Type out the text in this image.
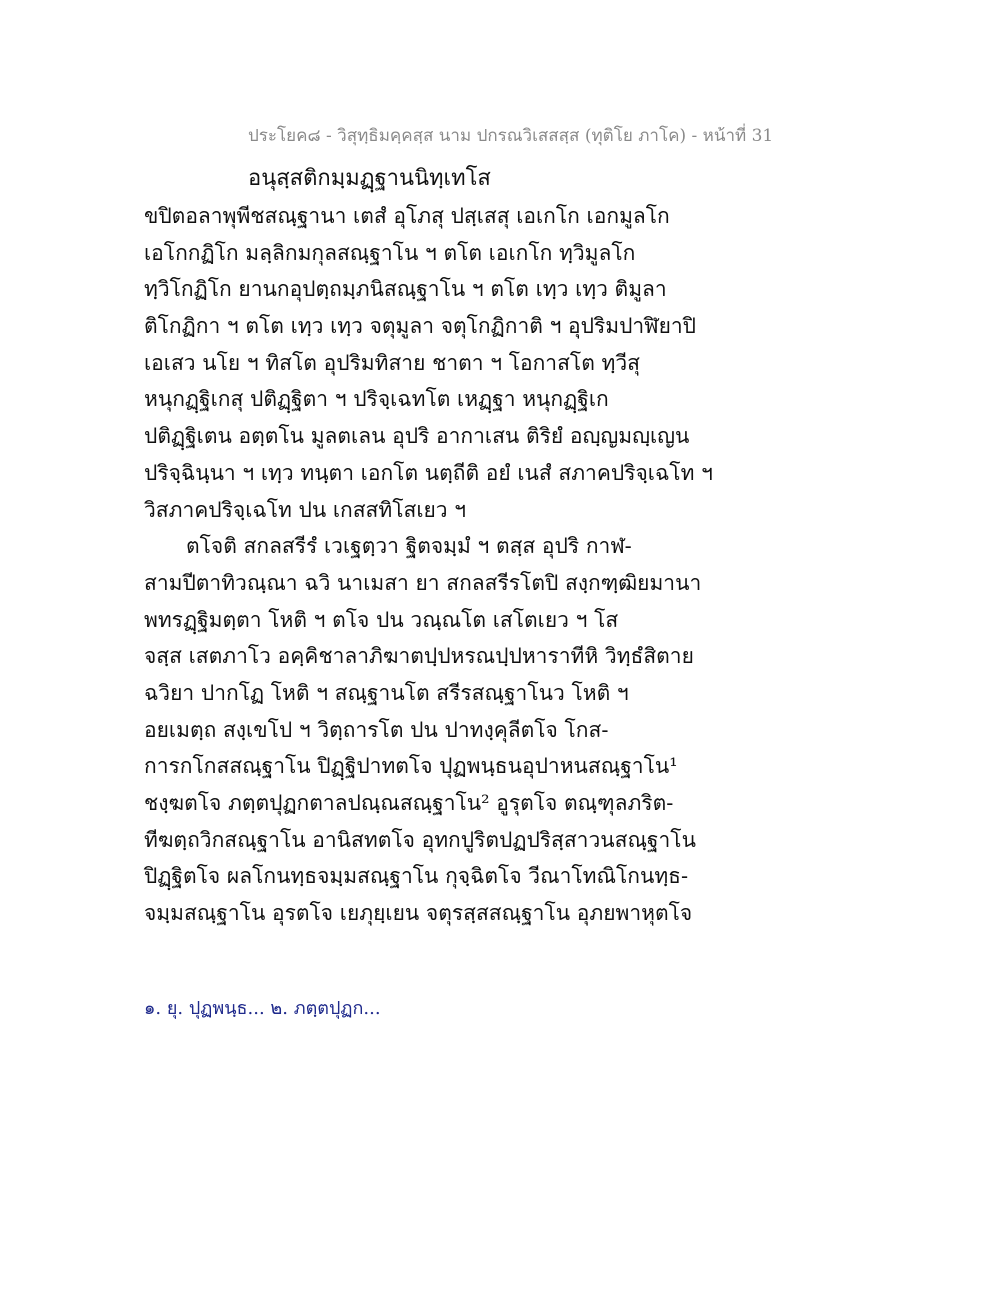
ประโยค๘ - วิสุทฺธิมคฺคสฺส นาม ปกรณวิเสสสฺส (ทุติโย ภาโค) - หน้าที่ 31
อนุสฺสติกมฺมฏฺฐานนิทฺเทโส
ขปิตอลาพุพีชสณฺฐานา เตสํ อุโภสุ ปสฺเสสุ เอเกโก เอกมูลโก
เอโกกฏิโก มลฺลิกมกุลสณฺฐาโน ฯ ตโต เอเกโก ทฺวิมูลโก
ทฺวิโกฏิโก ยานกอุปตฺถมฺภนิสณฺฐาโน ฯ ตโต เทฺว เทฺว ติมูลา
ติโกฏิกา ฯ ตโต เทฺว เทฺว จตุมูลา จตุโกฏิกาติ ฯ อุปริมปาฬิยาปิ
เอเสว นโย ฯ ทิสโต อุปริมทิสาย ชาตา ฯ โอกาสโต ทฺวีสุ
หนุกฏฺฐิเกสุ ปติฏฺฐิตา ฯ ปริจฺเฉทโต เหฏฺฐา หนุกฏฺฐิเก
ปติฏฺฐิเตน อตฺตโน มูลตเลน อุปริ อากาเสน ติริยํ อญฺญมญฺเญน
ปริจฺฉินฺนา ฯ เทฺว ทนฺตา เอกโต นตฺถีติ อยํ เนสํ สภาคปริจฺเฉโท ฯ
วิสภาคปริจฺเฉโท ปน เกสสทิโสเยว ฯ
ตโจติ สกลสรีรํ เวเฐตฺวา ฐิตจมฺมํ ฯ ตสฺส อุปริ กาฬ-
สามปีตาทิวณฺณา ฉวิ นาเมสา ยา สกลสรีรโตปิ สงฺกฑฺฒิยมานา
พทรฏฺฐิมตฺตา โหติ ฯ ตโจ ปน วณฺณโต เสโตเยว ฯ โส
จสฺส เสตภาโว อคฺคิชาลาภิฆาตปฺปหรณปฺปหาราทีหิ วิทฺธํสิตาย
ฉวิยา ปากโฏ โหติ ฯ สณฺฐานโต สรีรสณฺฐาโนว โหติ ฯ
อยเมตฺถ สงฺเขโป ฯ วิตฺถารโต ปน ปาทงฺคุลีตโจ โกส-
การกโกสสณฺฐาโน ปิฏฺฐิปาทตโจ ปุฏพนฺธนอุปาหนสณฺฐาโน¹
ชงฺฆตโจ ภตฺตปุฏกตาลปณฺณสณฺฐาโน² อูรุตโจ ตณฺฑุลภริต-
ทีฆตฺถวิกสณฺฐาโน อานิสทตโจ อุทกปูริตปฏปริสฺสาวนสณฺฐาโน
ปิฏฺฐิตโจ ผลโกนทฺธจมฺมสณฺฐาโน กุจฺฉิตโจ วีณาโทณิโกนทฺธ-
จมฺมสณฺฐาโน อุรตโจ เยภุยฺเยน จตุรสฺสสณฺฐาโน อุภยพาหุตโจ
๑. ยุ. ปุฏพนฺธ... ๒. ภตฺตปุฏก...
